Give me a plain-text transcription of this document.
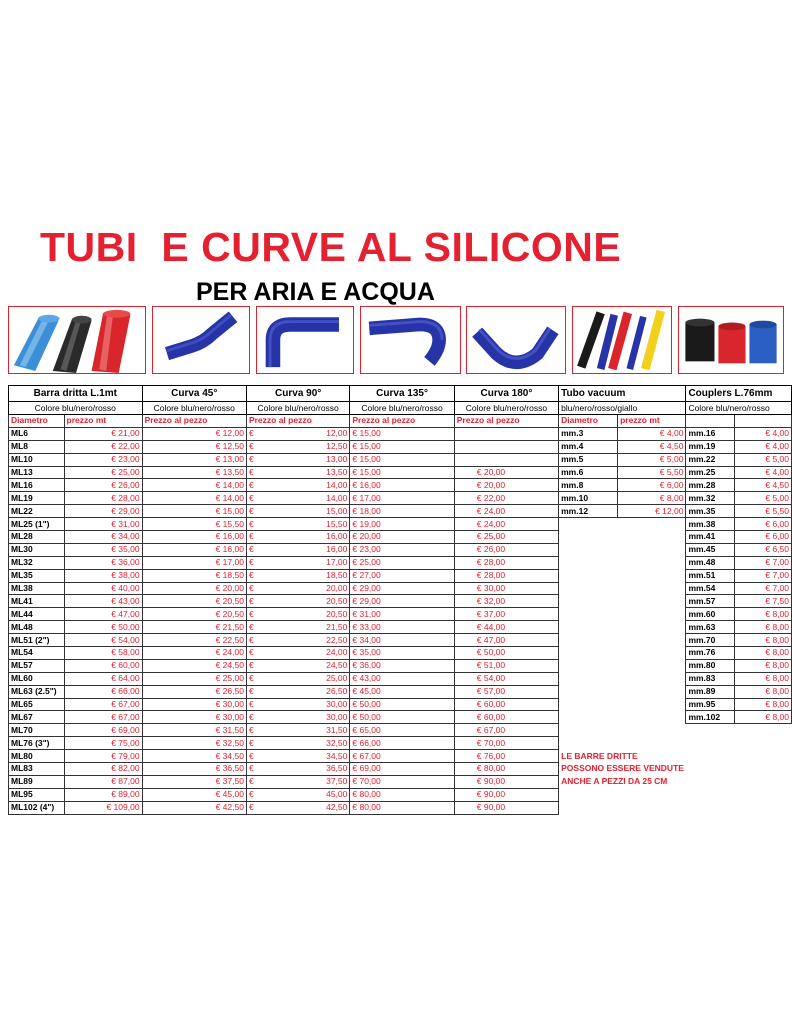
TUBI  E CURVE AL SILICONE
PER ARIA E ACQUA
Barra dritta L.1mt		Curva 45°	Curva 90°		Curva 135°	Curva 180°	Tubo vacuum		Couplers L.76mm	
Colore blu/nero/rosso		Colore blu/nero/rosso	Colore blu/nero/rosso		Colore blu/nero/rosso	Colore blu/nero/rosso	blu/nero/rosso/giallo		Colore blu/nero/rosso	
Diametro	prezzo mt	Prezzo al pezzo	Prezzo al pezzo		Prezzo al pezzo	Prezzo al pezzo	Diametro	prezzo mt		
ML6	€ 21,00	€ 12,00	€	12,00	€ 15,00		mm.3	€ 4,00	mm.16	€ 4,00
ML8	€ 22,00	€ 12,50	€	12,50	€ 15,00		mm.4	€ 4,50	mm.19	€ 4,00
ML10	€ 23,00	€ 13,00	€	13,00	€ 15,00		mm.5	€ 5,00	mm.22	€ 5,00
ML13	€ 25,00	€ 13,50	€	13,50	€ 15,00	€ 20,00	mm.6	€ 5,50	mm.25	€ 4,00
ML16	€ 26,00	€ 14,00	€	14,00	€ 16,00	€ 20,00	mm.8	€ 6,00	mm.28	€ 4,50
ML19	€ 28,00	€ 14,00	€	14,00	€ 17,00	€ 22,00	mm.10	€ 8,00	mm.32	€ 5,00
ML22	€ 29,00	€ 15,00	€	15,00	€ 18,00	€ 24,00	mm.12	€ 12,00	mm.35	€ 5,50
ML25 (1")	€ 31,00	€ 15,50	€	15,50	€ 19,00	€ 24,00			mm.38	€ 6,00
ML28	€ 34,00	€ 16,00	€	16,00	€ 20,00	€ 25,00			mm.41	€ 6,00
ML30	€ 35,00	€ 16,00	€	16,00	€ 23,00	€ 26,00			mm.45	€ 6,50
ML32	€ 36,00	€ 17,00	€	17,00	€ 25,00	€ 28,00			mm.48	€ 7,00
ML35	€ 38,00	€ 18,50	€	18,50	€ 27,00	€ 28,00			mm.51	€ 7,00
ML38	€ 40,00	€ 20,00	€	20,00	€ 29,00	€ 30,00			mm.54	€ 7,00
ML41	€ 43,00	€ 20,50	€	20,50	€ 29,00	€ 32,00			mm.57	€ 7,50
ML44	€ 47,00	€ 20,50	€	20,50	€ 31,00	€ 37,00			mm.60	€ 8,00
ML48	€ 50,00	€ 21,50	€	21,50	€ 33,00	€ 44,00			mm.63	€ 8,00
ML51 (2")	€ 54,00	€ 22,50	€	22,50	€ 34,00	€ 47,00			mm.70	€ 8,00
ML54	€ 58,00	€ 24,00	€	24,00	€ 35,00	€ 50,00			mm.76	€ 8,00
ML57	€ 60,00	€ 24,50	€	24,50	€ 36,00	€ 51,00			mm.80	€ 8,00
ML60	€ 64,00	€ 25,00	€	25,00	€ 43,00	€ 54,00			mm.83	€ 8,00
ML63 (2.5")	€ 66,00	€ 26,50	€	26,50	€ 45,00	€ 57,00			mm.89	€ 8,00
ML65	€ 67,00	€ 30,00	€	30,00	€ 50,00	€ 60,00			mm.95	€ 8,00
ML67	€ 67,00	€ 30,00	€	30,00	€ 50,00	€ 60,00			mm.102	€ 8,00
ML70	€ 69,00	€ 31,50	€	31,50	€ 65,00	€ 67,00				
ML76 (3")	€ 75,00	€ 32,50	€	32,50	€ 66,00	€ 70,00				
ML80	€ 79,00	€ 34,50	€	34,50	€ 67,00	€ 76,00	LE BARRE DRITTE			
ML83	€ 82,00	€ 36,50	€	36,50	€ 69,00	€ 80,00	POSSONO ESSERE VENDUTE			
ML89	€ 87,00	€ 37,50	€	37,50	€ 70,00	€ 90,00	ANCHE A PEZZI DA 25 CM			
ML95	€ 89,00	€ 45,00	€	45,00	€ 80,00	€ 90,00				
ML102 (4")	€ 109,00	€ 42,50	€	42,50	€ 80,00	€ 90,00				
